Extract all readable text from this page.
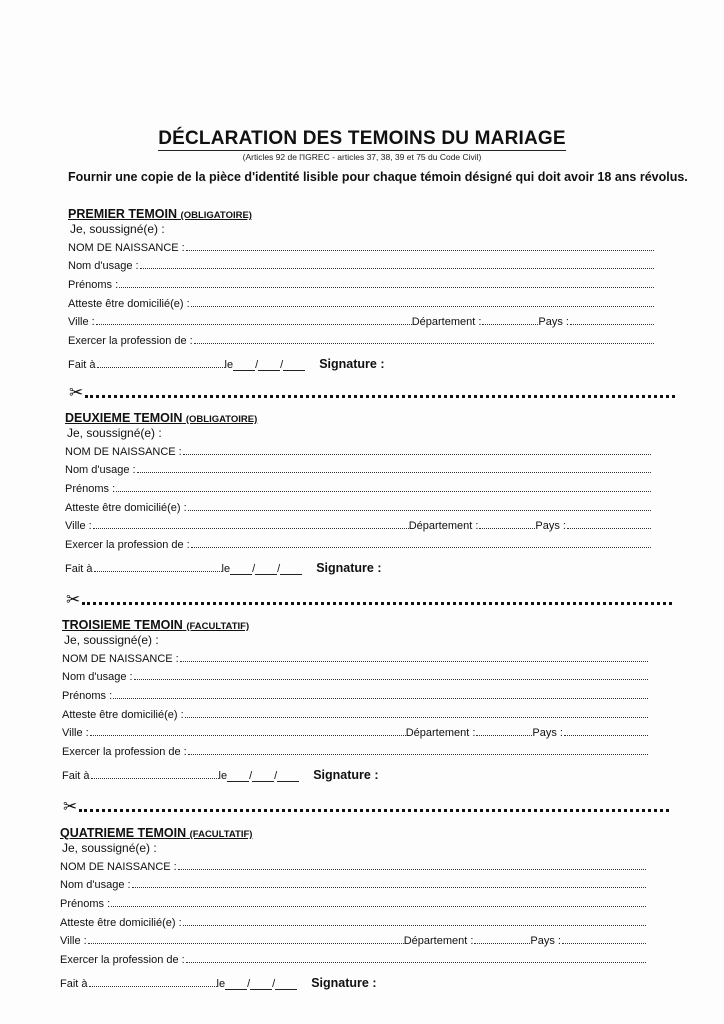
DÉCLARATION DES TEMOINS DU MARIAGE
(Articles 92 de l'IGREC - articles 37, 38, 39 et 75 du Code Civil)
Fournir une copie de la pièce d'identité lisible pour chaque témoin désigné qui doit avoir 18 ans révolus.
PREMIER TEMOIN (OBLIGATOIRE)
Je, soussigné(e) :
NOM DE NAISSANCE :
Nom d'usage :
Prénoms :
Atteste être domicilié(e) :
Ville :	Département :	Pays :
Exercer la profession de :
Fait à	le / /	Signature :
DEUXIEME TEMOIN (OBLIGATOIRE)
Je, soussigné(e) :
NOM DE NAISSANCE :
Nom d'usage :
Prénoms :
Atteste être domicilié(e) :
Ville :	Département :	Pays :
Exercer la profession de :
Fait à	le / /	Signature :
TROISIEME TEMOIN (FACULTATIF)
Je, soussigné(e) :
NOM DE NAISSANCE :
Nom d'usage :
Prénoms :
Atteste être domicilié(e) :
Ville :	Département :	Pays :
Exercer la profession de :
Fait à	le / /	Signature :
QUATRIEME TEMOIN (FACULTATIF)
Je, soussigné(e) :
NOM DE NAISSANCE :
Nom d'usage :
Prénoms :
Atteste être domicilié(e) :
Ville :	Département :	Pays :
Exercer la profession de :
Fait à	le / /	Signature :
✂
✂
✂
